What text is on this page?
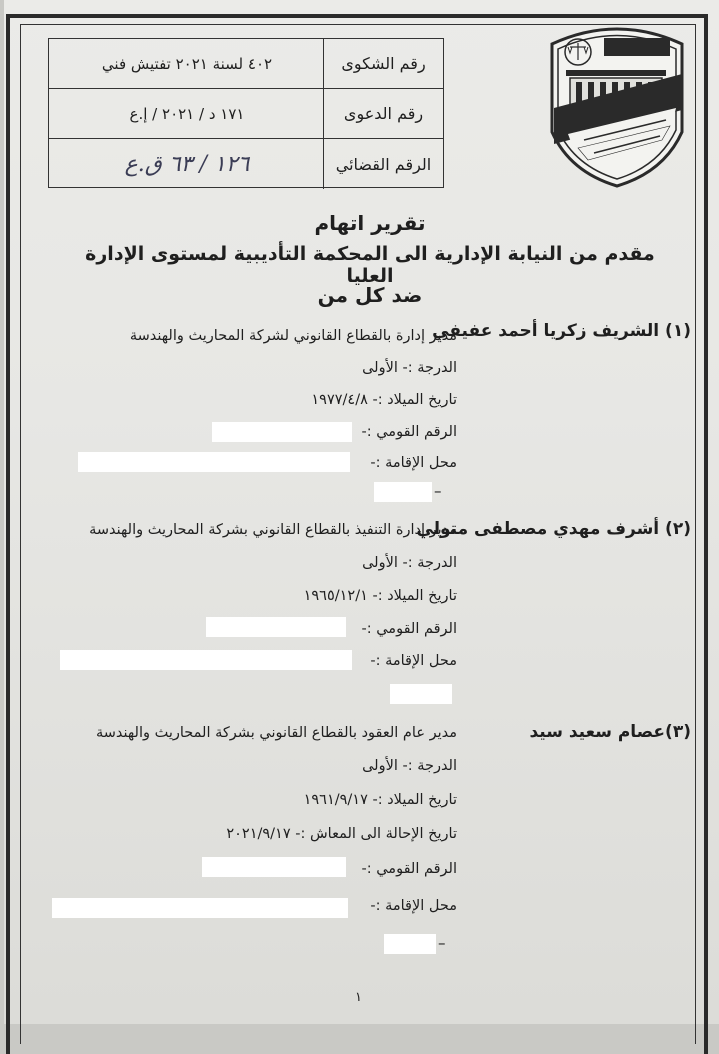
رقم الشكوى
٤٠٢ لسنة ٢٠٢١ تفتيش فني
رقم الدعوى
١٧١ د / ٢٠٢١ / إ.ع
الرقم القضائي
١٢٦ / ٦٣ ق.ع
تقرير اتهام
مقدم من النيابة الإدارية الى المحكمة التأديبية لمستوى الإدارة العليا
ضد كل من
(١) الشريف زكريا أحمد عفيفي
مدير إدارة بالقطاع القانوني لشركة المحاريث والهندسة
الدرجة :- الأولى
تاريخ الميلاد :- ١٩٧٧/٤/٨
الرقم القومي :-
محل الإقامة :-
–
(٢) أشرف مهدي مصطفى متولي
مدير إدارة التنفيذ بالقطاع القانوني بشركة المحاريث والهندسة
الدرجة :- الأولى
تاريخ الميلاد :- ١٩٦٥/١٢/١
الرقم القومي :-
محل الإقامة :-
(٣)عصام سعيد سيد
مدير عام العقود بالقطاع القانوني بشركة المحاريث والهندسة
الدرجة :- الأولى
تاريخ الميلاد :- ١٩٦١/٩/١٧
تاريخ الإحالة الى المعاش :- ٢٠٢١/٩/١٧
الرقم القومي :-
محل الإقامة :-
–
١
